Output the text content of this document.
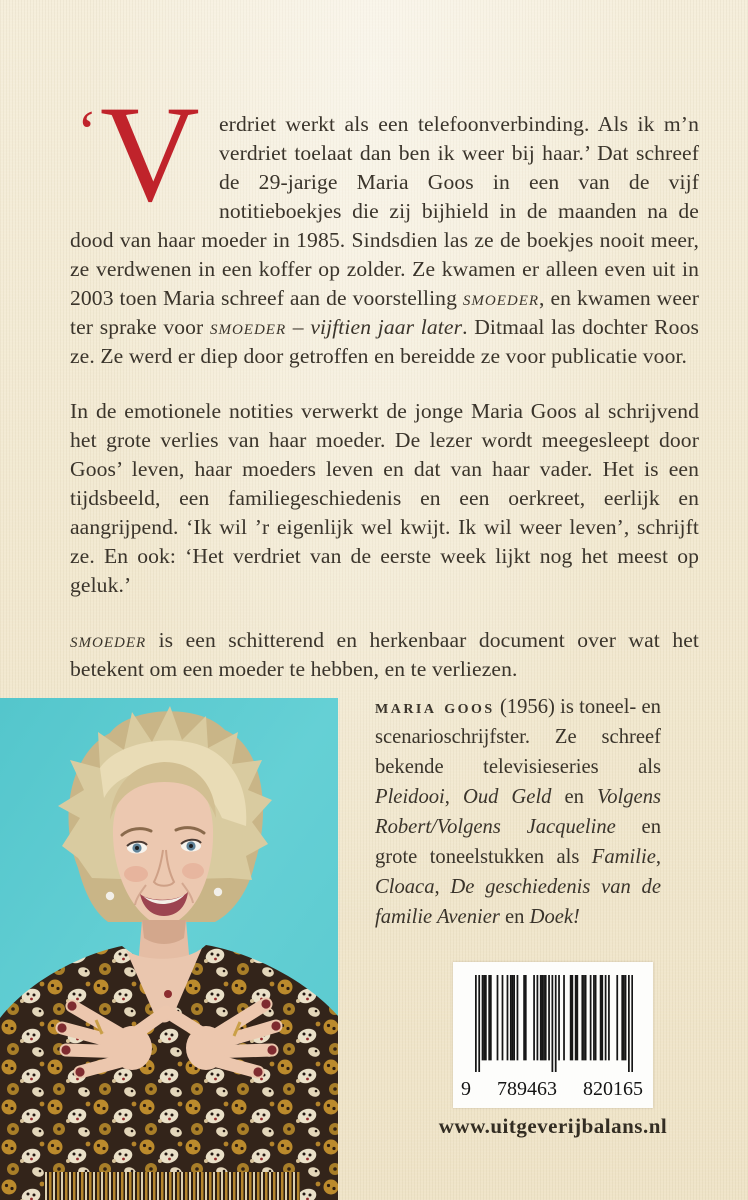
‘ V erdriet werkt als een telefoonverbinding. Als ik m’n verdriet toelaat dan ben ik weer bij haar.’ Dat schreef de 29-jarige Maria Goos in een van de vijf notitieboekjes die zij bijhield in de maanden na de dood van haar moeder in 1985. Sindsdien las ze de boekjes nooit meer, ze verdwenen in een koffer op zolder. Ze kwamen er alleen even uit in 2003 toen Maria schreef aan de voorstelling smoeder, en kwamen weer ter sprake voor smoeder – vijftien jaar later. Ditmaal las dochter Roos ze. Ze werd er diep door getroffen en bereidde ze voor publicatie voor.

In de emotionele notities verwerkt de jonge Maria Goos al schrijvend het grote verlies van haar moeder. De lezer wordt meegesleept door Goos’ leven, haar moeders leven en dat van haar vader. Het is een tijdsbeeld, een familiegeschiedenis en een oerkreet, eerlijk en aangrijpend. ‘Ik wil ’r eigenlijk wel kwijt. Ik wil weer leven’, schrijft ze. En ook: ‘Het verdriet van de eerste week lijkt nog het meest op geluk.’

smoeder is een schitterend en herkenbaar document over wat het betekent om een moeder te hebben, en te verliezen.

maria goos (1956) is toneel- en scenarioschrijfster. Ze schreef bekende televisieseries als Pleidooi, Oud Geld en Volgens Robert/Volgens Jacqueline en grote toneelstukken als Familie, Cloaca, De geschiedenis van de familie Avenier en Doek!
9 789463 820165
www.uitgeverijbalans.nl
